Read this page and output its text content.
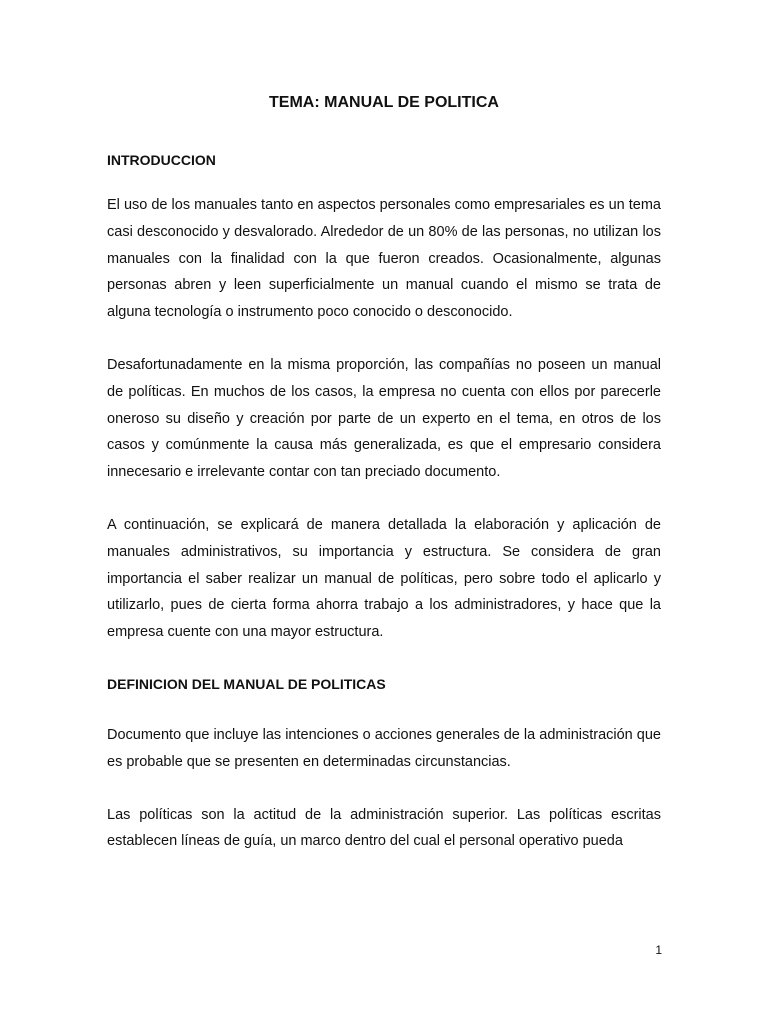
TEMA: MANUAL DE POLITICA
INTRODUCCION

El uso de los manuales tanto en aspectos personales como empresariales es un tema casi desconocido y desvalorado. Alrededor de un 80% de las personas, no utilizan los manuales con la finalidad con la que fueron creados. Ocasionalmente, algunas personas abren y leen superficialmente un manual cuando el mismo se trata de alguna tecnología o instrumento poco conocido o desconocido.

Desafortunadamente en la misma proporción, las compañías no poseen un manual de políticas. En muchos de los casos, la empresa no cuenta con ellos por parecerle oneroso su diseño y creación por parte de un experto en el tema, en otros de los casos y comúnmente la causa más generalizada, es que el empresario considera innecesario e irrelevante contar con tan preciado documento.

A continuación, se explicará de manera detallada la elaboración y aplicación de manuales administrativos, su importancia y estructura. Se considera de gran importancia el saber realizar un manual de políticas, pero sobre todo el aplicarlo y utilizarlo, pues de cierta forma ahorra trabajo a los administradores, y hace que la empresa cuente con una mayor estructura.

DEFINICION DEL MANUAL DE POLITICAS

Documento que incluye las intenciones o acciones generales de la administración que es probable que se presenten en determinadas circunstancias.

Las políticas son la actitud de la administración superior. Las políticas escritas establecen líneas de guía, un marco dentro del cual el personal operativo pueda

1
